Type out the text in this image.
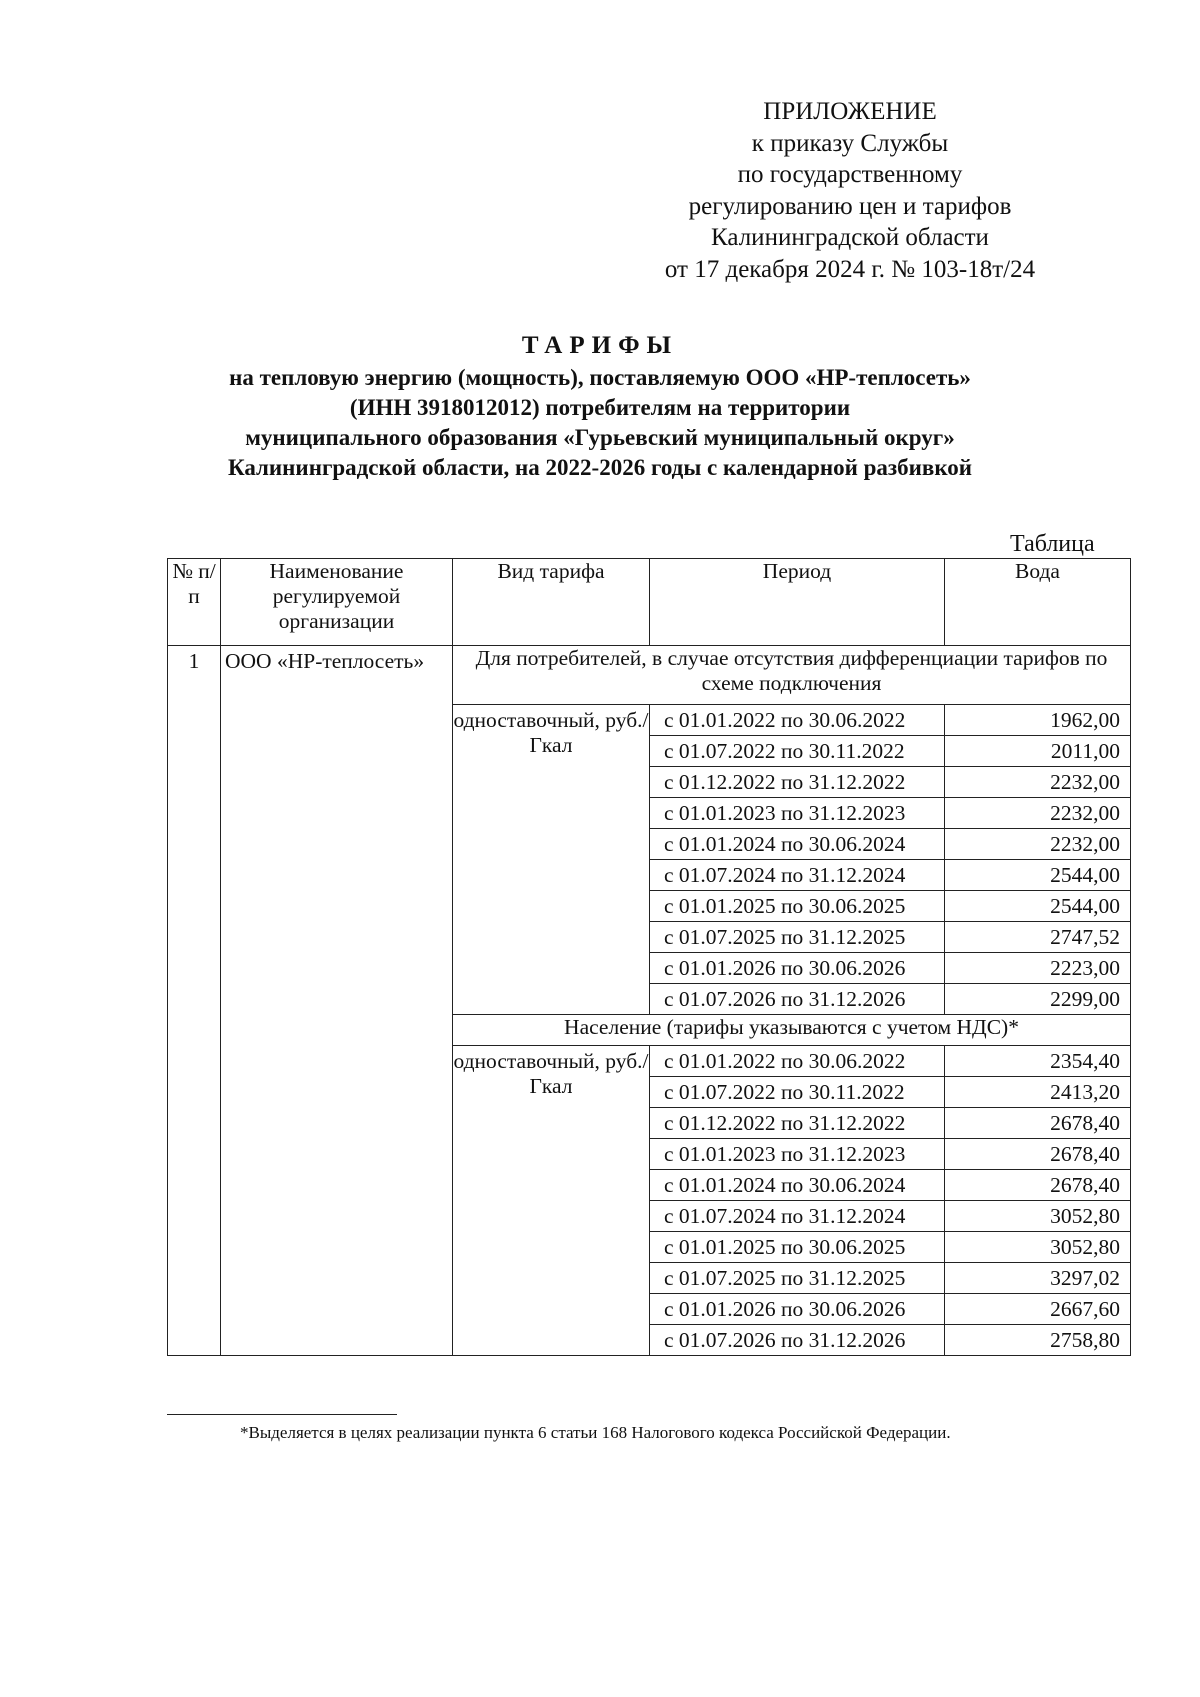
ПРИЛОЖЕНИЕ
к приказу Службы
по государственному
регулированию цен и тарифов
Калининградской области
от 17 декабря 2024 г. № 103-18т/24
ТАРИФЫ
на тепловую энергию (мощность), поставляемую ООО «НР-теплосеть»
(ИНН 3918012012) потребителям на территории
муниципального образования «Гурьевский муниципальный округ»
Калининградской области, на 2022-2026 годы с календарной разбивкой
Таблица
№ п/п	Наименование регулируемой организации	Вид тарифа	Период	Вода
1	ООО «НР-теплосеть»	Для потребителей, в случае отсутствия дифференциации тарифов по схеме подключения		
		одноставочный, руб./Гкал	с 01.01.2022 по 30.06.2022	1962,00
			с 01.07.2022 по 30.11.2022	2011,00
			с 01.12.2022 по 31.12.2022	2232,00
			с 01.01.2023 по 31.12.2023	2232,00
			с 01.01.2024 по 30.06.2024	2232,00
			с 01.07.2024 по 31.12.2024	2544,00
			с 01.01.2025 по 30.06.2025	2544,00
			с 01.07.2025 по 31.12.2025	2747,52
			с 01.01.2026 по 30.06.2026	2223,00
			с 01.07.2026 по 31.12.2026	2299,00
		Население (тарифы указываются с учетом НДС)*		
		одноставочный, руб./Гкал	с 01.01.2022 по 30.06.2022	2354,40
			с 01.07.2022 по 30.11.2022	2413,20
			с 01.12.2022 по 31.12.2022	2678,40
			с 01.01.2023 по 31.12.2023	2678,40
			с 01.01.2024 по 30.06.2024	2678,40
			с 01.07.2024 по 31.12.2024	3052,80
			с 01.01.2025 по 30.06.2025	3052,80
			с 01.07.2025 по 31.12.2025	3297,02
			с 01.01.2026 по 30.06.2026	2667,60
			с 01.07.2026 по 31.12.2026	2758,80
*Выделяется в целях реализации пункта 6 статьи 168 Налогового кодекса Российской Федерации.
